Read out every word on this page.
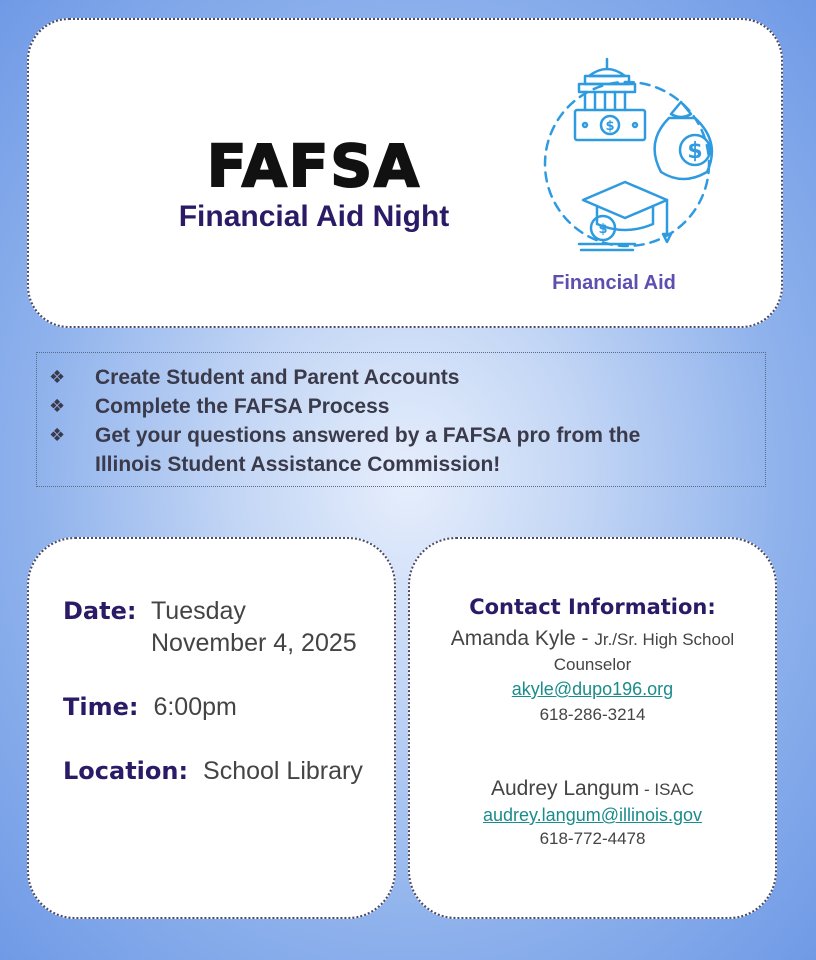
FAFSA
Financial Aid Night
$
$
$
Financial Aid
❖	Create Student and Parent Accounts
❖	Complete the FAFSA Process
❖	Get your questions answered by a FAFSA pro from the
Illinois Student Assistance Commission!
Date: Tuesday
November 4, 2025
Time: 6:00pm
Location: School Library
Contact Information:
Amanda Kyle - Jr./Sr. High School
Counselor
akyle@dupo196.org
618-286-3214
Audrey Langum - ISAC
audrey.langum@illinois.gov
618-772-4478
